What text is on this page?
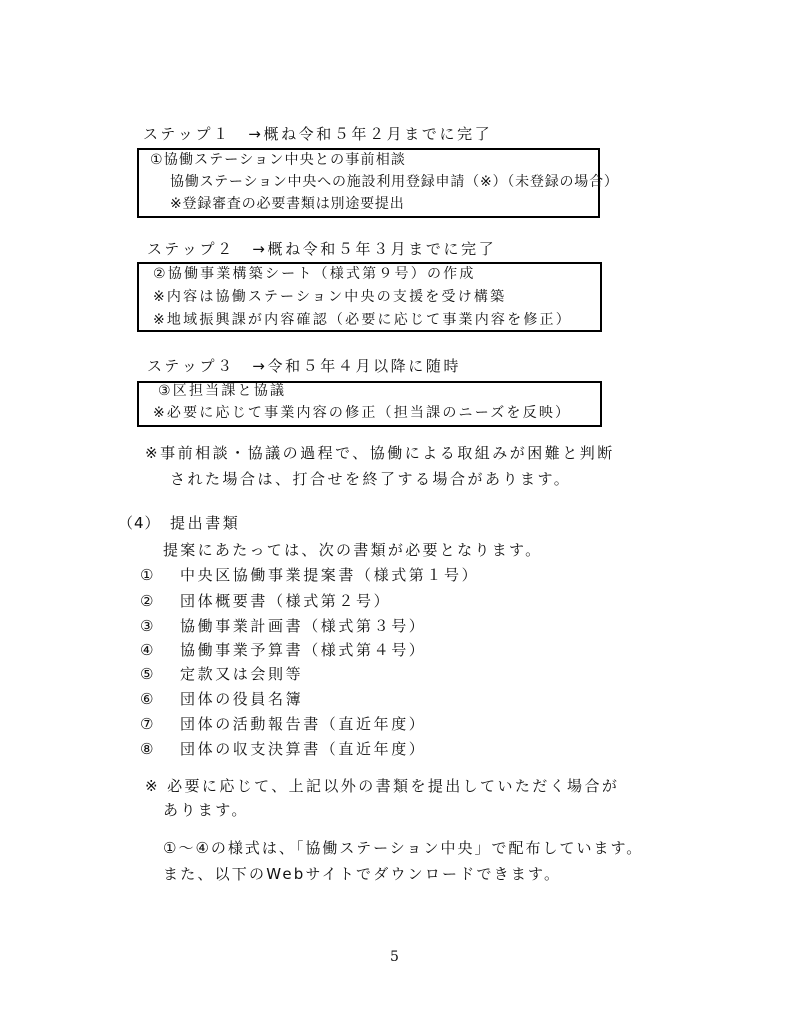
ステップ１　→概ね令和５年２月までに完了
①協働ステーション中央との事前相談
協働ステーション中央への施設利用登録申請（※）（未登録の場合）
※登録審査の必要書類は別途要提出
ステップ２　→概ね令和５年３月までに完了
②協働事業構築シート（様式第９号）の作成
※内容は協働ステーション中央の支援を受け構築
※地域振興課が内容確認（必要に応じて事業内容を修正）
ステップ３　→令和５年４月以降に随時
③区担当課と協議
※必要に応じて事業内容の修正（担当課のニーズを反映）
※事前相談・協議の過程で、協働による取組みが困難と判断
された場合は、打合せを終了する場合があります。
（4） 提出書類
提案にあたっては、次の書類が必要となります。
① 中央区協働事業提案書（様式第１号）
② 団体概要書（様式第２号）
③ 協働事業計画書（様式第３号）
④ 協働事業予算書（様式第４号）
⑤ 定款又は会則等
⑥ 団体の役員名簿
⑦ 団体の活動報告書（直近年度）
⑧ 団体の収支決算書（直近年度）
※ 必要に応じて、上記以外の書類を提出していただく場合が
あります。
①～④の様式は、「協働ステーション中央」で配布しています。
また、以下のWebサイトでダウンロードできます。
5
